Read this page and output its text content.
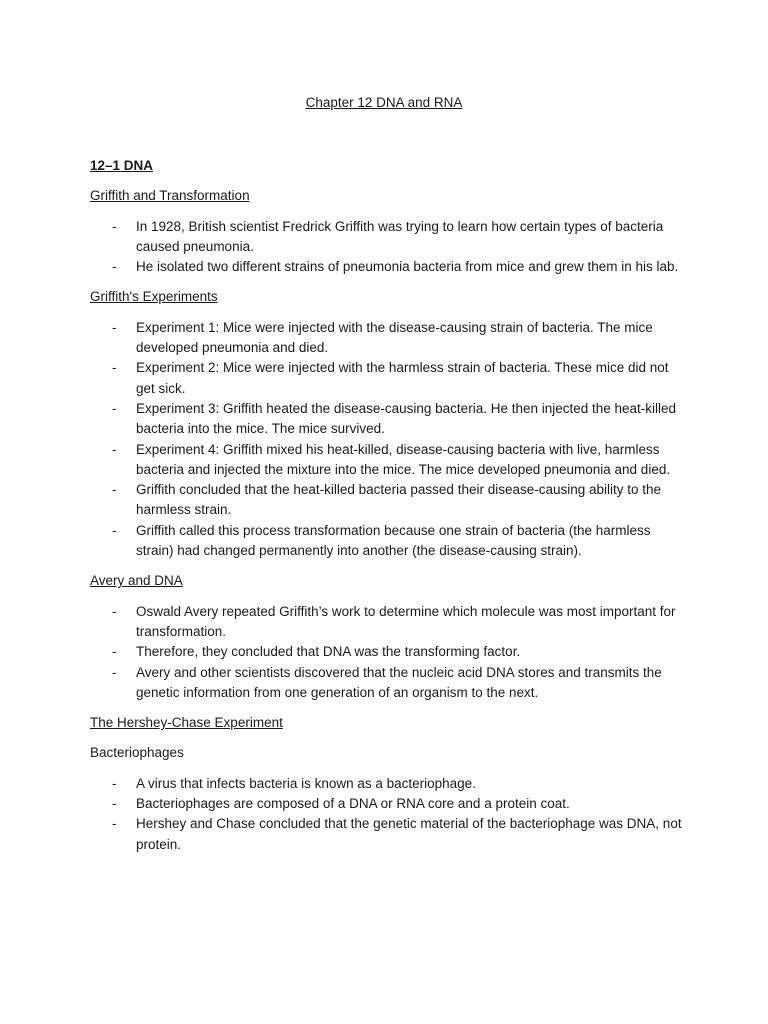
Chapter 12 DNA and RNA
12–1 DNA
Griffith and Transformation
- In 1928, British scientist Fredrick Griffith was trying to learn how certain types of bacteria caused pneumonia.
- He isolated two different strains of pneumonia bacteria from mice and grew them in his lab.
Griffith's Experiments
- Experiment 1: Mice were injected with the disease-causing strain of bacteria. The mice developed pneumonia and died.
- Experiment 2: Mice were injected with the harmless strain of bacteria. These mice did not get sick.
- Experiment 3: Griffith heated the disease-causing bacteria. He then injected the heat-killed bacteria into the mice. The mice survived.
- Experiment 4: Griffith mixed his heat-killed, disease-causing bacteria with live, harmless bacteria and injected the mixture into the mice. The mice developed pneumonia and died.
- Griffith concluded that the heat-killed bacteria passed their disease-causing ability to the harmless strain.
- Griffith called this process transformation because one strain of bacteria (the harmless strain) had changed permanently into another (the disease-causing strain).
Avery and DNA
- Oswald Avery repeated Griffith’s work to determine which molecule was most important for transformation.
- Therefore, they concluded that DNA was the transforming factor.
- Avery and other scientists discovered that the nucleic acid DNA stores and transmits the genetic information from one generation of an organism to the next.
The Hershey-Chase Experiment
Bacteriophages
- A virus that infects bacteria is known as a bacteriophage.
- Bacteriophages are composed of a DNA or RNA core and a protein coat.
- Hershey and Chase concluded that the genetic material of the bacteriophage was DNA, not protein.
